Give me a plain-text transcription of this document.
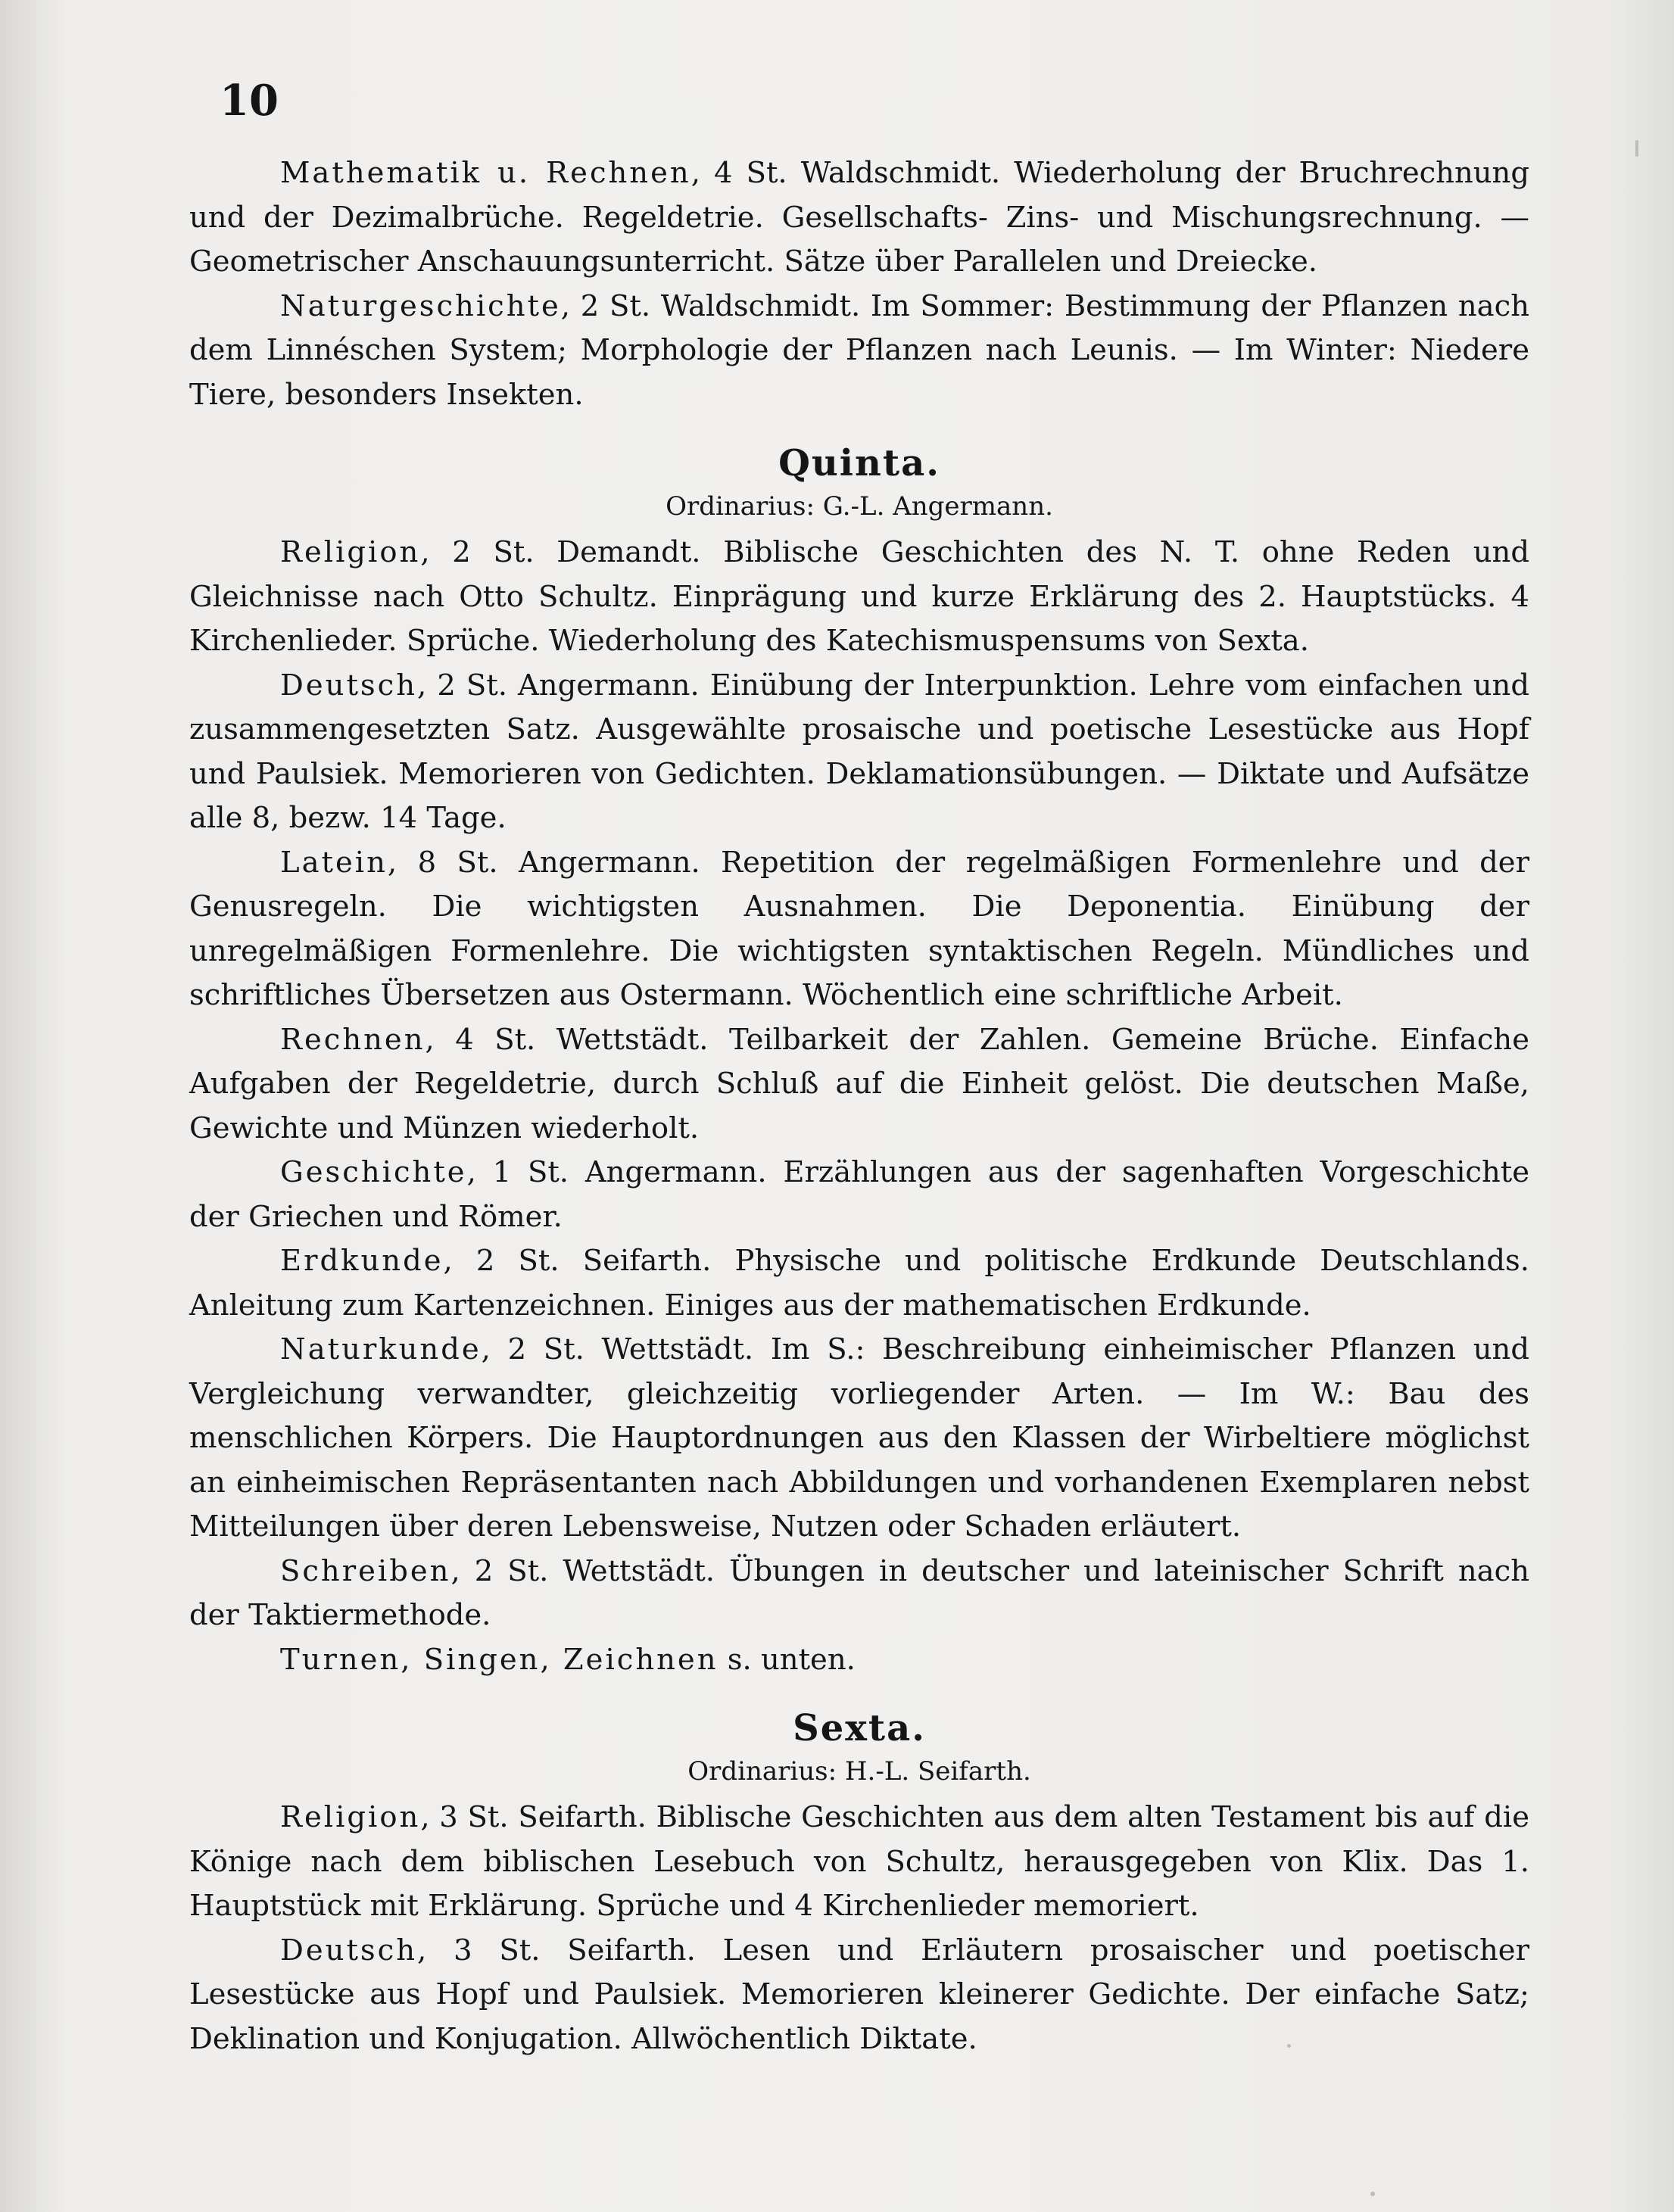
10

Mathematik u. Rechnen, 4 St. Waldschmidt. Wiederholung der Bruchrechnung und der Dezimalbrüche. Regeldetrie. Gesellschafts- Zins- und Mischungsrechnung. — Geometrischer Anschauungsunterricht. Sätze über Parallelen und Dreiecke.

Naturgeschichte, 2 St. Waldschmidt. Im Sommer: Bestimmung der Pflanzen nach dem Linnéschen System; Morphologie der Pflanzen nach Leunis. — Im Winter: Niedere Tiere, besonders Insekten.

Quinta.

Ordinarius: G.-L. Angermann.

Religion, 2 St. Demandt. Biblische Geschichten des N. T. ohne Reden und Gleichnisse nach Otto Schultz. Einprägung und kurze Erklärung des 2. Hauptstücks. 4 Kirchenlieder. Sprüche. Wiederholung des Katechismuspensums von Sexta.

Deutsch, 2 St. Angermann. Einübung der Interpunktion. Lehre vom einfachen und zusammengesetzten Satz. Ausgewählte prosaische und poetische Lesestücke aus Hopf und Paulsiek. Memorieren von Gedichten. Deklamationsübungen. — Diktate und Aufsätze alle 8, bezw. 14 Tage.

Latein, 8 St. Angermann. Repetition der regelmäßigen Formenlehre und der Genusregeln. Die wichtigsten Ausnahmen. Die Deponentia. Einübung der unregelmäßigen Formenlehre. Die wichtigsten syntaktischen Regeln. Mündliches und schriftliches Übersetzen aus Ostermann. Wöchentlich eine schriftliche Arbeit.

Rechnen, 4 St. Wettstädt. Teilbarkeit der Zahlen. Gemeine Brüche. Einfache Aufgaben der Regeldetrie, durch Schluß auf die Einheit gelöst. Die deutschen Maße, Gewichte und Münzen wiederholt.

Geschichte, 1 St. Angermann. Erzählungen aus der sagenhaften Vorgeschichte der Griechen und Römer.

Erdkunde, 2 St. Seifarth. Physische und politische Erdkunde Deutschlands. Anleitung zum Kartenzeichnen. Einiges aus der mathematischen Erdkunde.

Naturkunde, 2 St. Wettstädt. Im S.: Beschreibung einheimischer Pflanzen und Vergleichung verwandter, gleichzeitig vorliegender Arten. — Im W.: Bau des menschlichen Körpers. Die Hauptordnungen aus den Klassen der Wirbeltiere möglichst an einheimischen Repräsentanten nach Abbildungen und vorhandenen Exemplaren nebst Mitteilungen über deren Lebensweise, Nutzen oder Schaden erläutert.

Schreiben, 2 St. Wettstädt. Übungen in deutscher und lateinischer Schrift nach der Taktiermethode.

Turnen, Singen, Zeichnen s. unten.

Sexta.

Ordinarius: H.-L. Seifarth.

Religion, 3 St. Seifarth. Biblische Geschichten aus dem alten Testament bis auf die Könige nach dem biblischen Lesebuch von Schultz, herausgegeben von Klix. Das 1. Hauptstück mit Erklärung. Sprüche und 4 Kirchenlieder memoriert.

Deutsch, 3 St. Seifarth. Lesen und Erläutern prosaischer und poetischer Lesestücke aus Hopf und Paulsiek. Memorieren kleinerer Gedichte. Der einfache Satz; Deklination und Konjugation. Allwöchentlich Diktate.
